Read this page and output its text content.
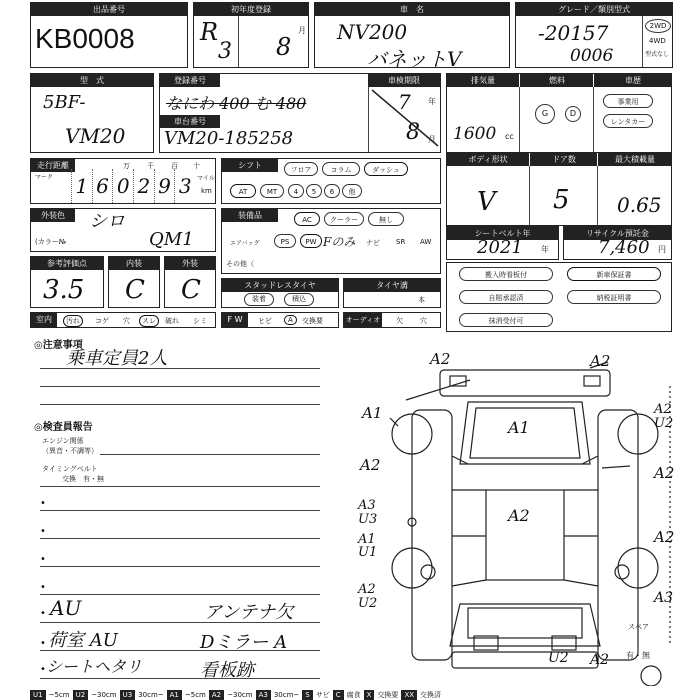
出品番号
KB0008
初年度登録
R
3 8
月
車　名
NV200
バネットV
グレード／類別型式
-20157
0006
2WD
4WD
型式なし
型　式
5BF-
VM20
登録番号
なにわ 400 む 480
車台番号
VM20-185258
車検期限
7 年
8 月
排気量	燃料	車歴
1600 cc
G	D
事業用
レンタカー
走行距離
マーク
万 千 百 十
1 6 0 2 9 3 マイル
km
シフト	フロア	コラム	ダッシュ
AT	MT	4	5	6	他
ボディ形状	ドア数	最大積載量
V 5 0.65
外装色	シロ
(カラー№	QM1
装備品	AC	クーラー	無し
エアバッグ	PS	PW Fのみ ナビ SR AW
その他（
シートベルト年
2021 年
リサイクル預託金
7,460 円
参考評価点
3.5
内装
C
外装
C	スタッドレスタイヤ
装着	積込
タイヤ溝
本
搬入時看板付	新車保証書
自賠承認済	納税証明書
抹消受付可
室内	汚れ	コゲ 穴	スレ	破れ シミ	F W	ヒビ	A	交換要	オーディオ 欠 穴
◎注意事項
乗車定員2人
◎検査員報告
エンジン関係
（異音・不調等）
タイミングベルト
交換　有・無
•
•
•
•
• AU	アンテナ欠
• 荷室 AU	Dミラー A
• シートヘタリ	看板跡
A2	A2
A1
A1	A2
A2
U2
A2
A2
A3
U3
A1
U1
A2
A2
U2	A3
U2 A2
スペア
有・無
U1 ~5cm U2 ~30cm U3 30cm~ A1 ~5cm A2 ~30cm A3 30cm~ S サビ C 腐食 X 交換要 XX 交換済
